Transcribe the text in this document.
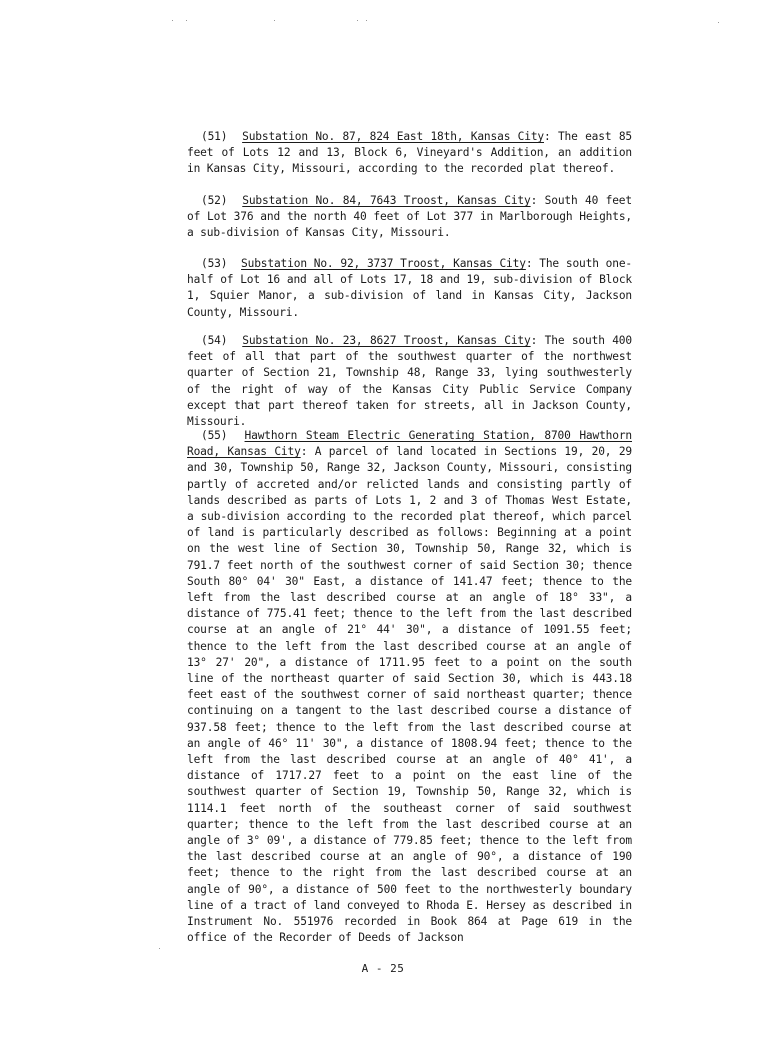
(51) Substation No. 87, 824 East 18th, Kansas City: The east 85 feet of Lots 12 and 13, Block 6, Vineyard's Addition, an addition in Kansas City, Missouri, according to the recorded plat thereof.
(52) Substation No. 84, 7643 Troost, Kansas City: South 40 feet of Lot 376 and the north 40 feet of Lot 377 in Marlborough Heights, a sub-division of Kansas City, Missouri.
(53) Substation No. 92, 3737 Troost, Kansas City: The south one-half of Lot 16 and all of Lots 17, 18 and 19, sub-division of Block 1, Squier Manor, a sub-division of land in Kansas City, Jackson County, Missouri.
(54) Substation No. 23, 8627 Troost, Kansas City: The south 400 feet of all that part of the southwest quarter of the northwest quarter of Section 21, Township 48, Range 33, lying southwesterly of the right of way of the Kansas City Public Service Company except that part thereof taken for streets, all in Jackson County, Missouri.
(55) Hawthorn Steam Electric Generating Station, 8700 Hawthorn Road, Kansas City: A parcel of land located in Sections 19, 20, 29 and 30, Township 50, Range 32, Jackson County, Missouri, consisting partly of accreted and/or relicted lands and consisting partly of lands described as parts of Lots 1, 2 and 3 of Thomas West Estate, a sub-division according to the recorded plat thereof, which parcel of land is particularly described as follows: Beginning at a point on the west line of Section 30, Township 50, Range 32, which is 791.7 feet north of the southwest corner of said Section 30; thence South 80° 04' 30" East, a distance of 141.47 feet; thence to the left from the last described course at an angle of 18° 33", a distance of 775.41 feet; thence to the left from the last described course at an angle of 21° 44' 30", a distance of 1091.55 feet; thence to the left from the last described course at an angle of 13° 27' 20", a distance of 1711.95 feet to a point on the south line of the northeast quarter of said Section 30, which is 443.18 feet east of the southwest corner of said northeast quarter; thence continuing on a tangent to the last described course a distance of 937.58 feet; thence to the left from the last described course at an angle of 46° 11' 30", a distance of 1808.94 feet; thence to the left from the last described course at an angle of 40° 41', a distance of 1717.27 feet to a point on the east line of the southwest quarter of Section 19, Township 50, Range 32, which is 1114.1 feet north of the southeast corner of said southwest quarter; thence to the left from the last described course at an angle of 3° 09', a distance of 779.85 feet; thence to the left from the last described course at an angle of 90°, a distance of 190 feet; thence to the right from the last described course at an angle of 90°, a distance of 500 feet to the northwesterly boundary line of a tract of land conveyed to Rhoda E. Hersey as described in Instrument No. 551976 recorded in Book 864 at Page 619 in the office of the Recorder of Deeds of Jackson
A - 25
